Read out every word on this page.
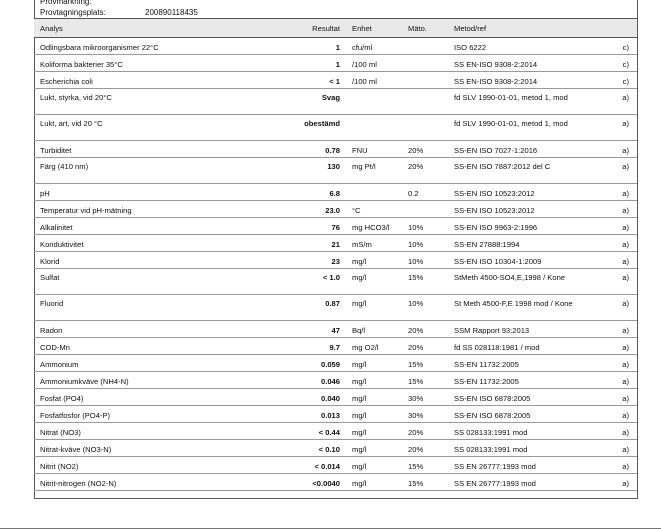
Provmärkning:
Provtagningsplats:	200890118435
Analys	Resultat	Enhet	Mäto.	Metod/ref	
Odlingsbara mikroorganismer 22°C	1	cfu/ml		ISO 6222	c)
Koliforma bakterier 35°C	1	/100 ml		SS EN-ISO 9308-2:2014	c)
Escherichia coli	< 1	/100 ml		SS EN-ISO 9308-2:2014	c)
Lukt, styrka, vid 20°C	Svag			fd SLV 1990-01-01, metod 1, mod	a)
Lukt, art, vid 20 °C	obestämd			fd SLV 1990-01-01, metod 1, mod	a)
Turbiditet	0.78	FNU	20%	SS-EN ISO 7027-1:2016	a)
Färg (410 nm)	130	mg Pt/l	20%	SS-EN ISO 7887:2012 del C	a)
pH	6.8		0.2	SS-EN ISO 10523:2012	a)
Temperatur vid pH-mätning	23.0	°C		SS-EN ISO 10523:2012	a)
Alkalinitet	76	mg HCO3/l	10%	SS-EN ISO 9963-2:1996	a)
Konduktivitet	21	mS/m	10%	SS-EN 27888:1994	a)
Klorid	23	mg/l	10%	SS-EN ISO 10304-1:2009	a)
Sulfat	< 1.0	mg/l	15%	StMeth 4500-SO4,E,1998 / Kone	a)
Fluorid	0.87	mg/l	10%	St Meth 4500-F,E 1998 mod / Kone	a)
Radon	47	Bq/l	20%	SSM Rapport 93:2013	a)
COD-Mn	9.7	mg O2/l	20%	fd SS 028118:1981 / mod	a)
Ammonium	0.059	mg/l	15%	SS-EN 11732:2005	a)
Ammoniumkväve (NH4-N)	0.046	mg/l	15%	SS-EN 11732:2005	a)
Fosfat (PO4)	0.040	mg/l	30%	SS-EN ISO 6878:2005	a)
Fosfatfosfor (PO4-P)	0.013	mg/l	30%	SS-EN ISO 6878:2005	a)
Nitrat (NO3)	< 0.44	mg/l	20%	SS 028133:1991 mod	a)
Nitrat-kväve (NO3-N)	< 0.10	mg/l	20%	SS 028133:1991 mod	a)
Nitrit (NO2)	< 0.014	mg/l	15%	SS EN 26777:1993 mod	a)
Nitrit-nitrogen (NO2-N)	<0.0040	mg/l	15%	SS EN 26777:1993 mod	a)
